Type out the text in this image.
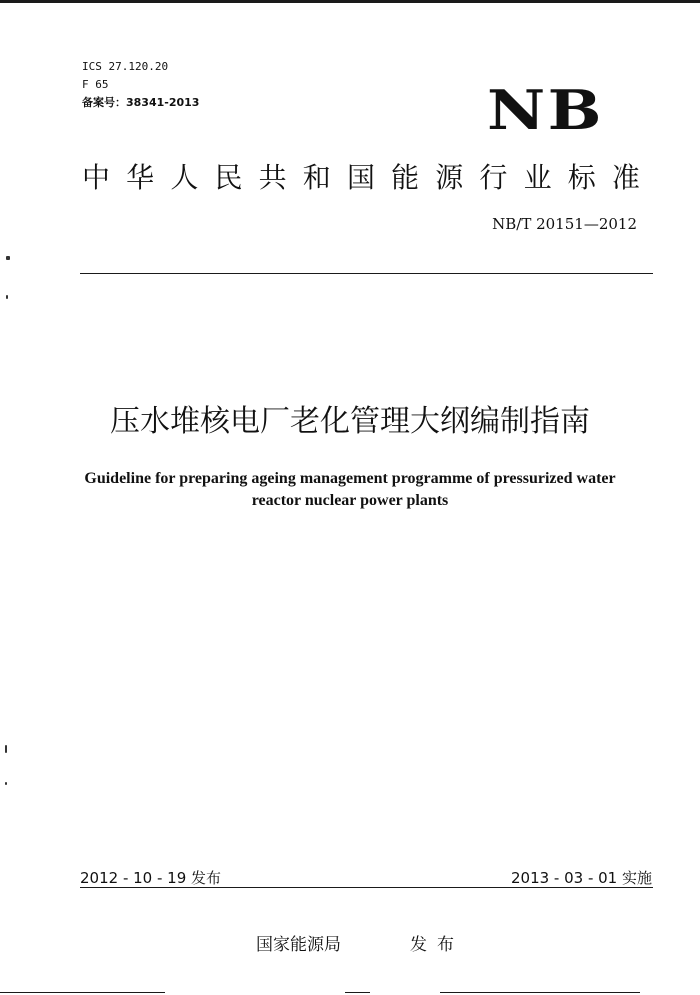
ICS 27.120.20
F 65
备案号：38341-2013	NB
中 华 人 民 共 和 国 能 源 行 业 标 准
NB/T 20151—2012
压水堆核电厂老化管理大纲编制指南
Guideline for preparing ageing management programme of pressurized water reactor nuclear power plants
2012 - 10 - 19 发布	2013 - 03 - 01 实施
国家能源局	发布
